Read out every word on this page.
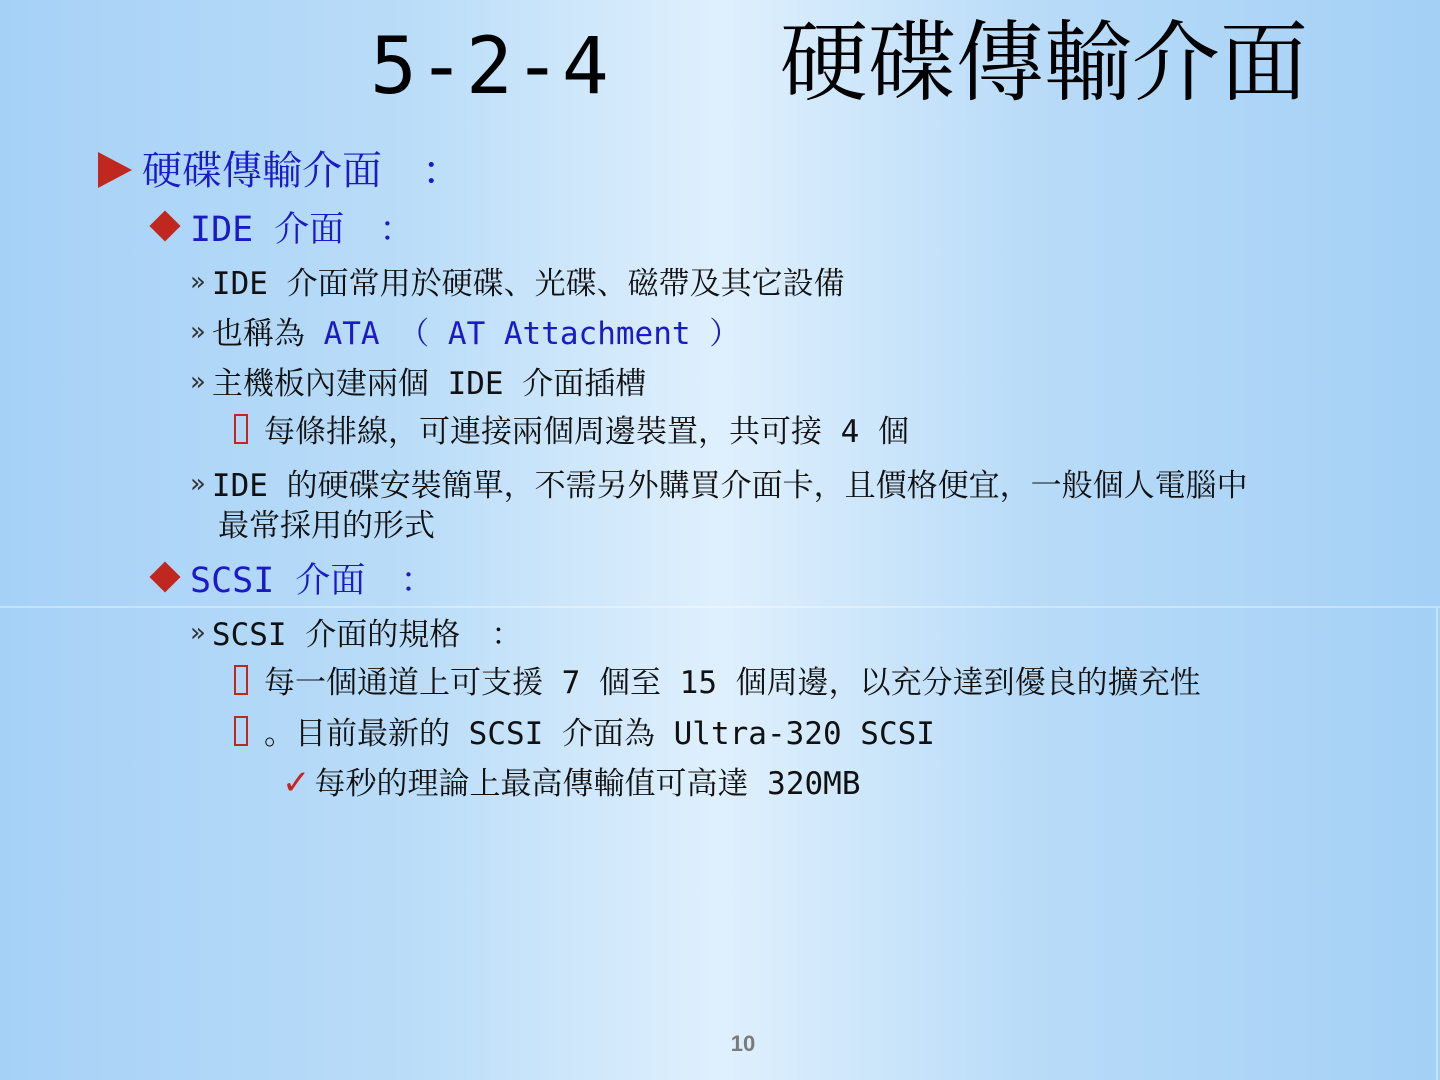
5-2-4 硬碟傳輸介面
硬碟傳輸介面　：
IDE 介面　：
» IDE 介面常用於硬碟、光碟、磁帶及其它設備
» 也稱為 ATA （ AT Attachment ）
» 主機板內建兩個 IDE 介面插槽
每條排線，可連接兩個周邊裝置，共可接 4 個
» IDE 的硬碟安裝簡單，不需另外購買介面卡，且價格便宜，一般個人電腦中
最常採用的形式
SCSI 介面　：
» SCSI 介面的規格　：
每一個通道上可支援 7 個至 15 個周邊，以充分達到優良的擴充性
。目前最新的 SCSI 介面為 Ultra-320 SCSI
✓ 每秒的理論上最高傳輸值可高達 320MB
10
